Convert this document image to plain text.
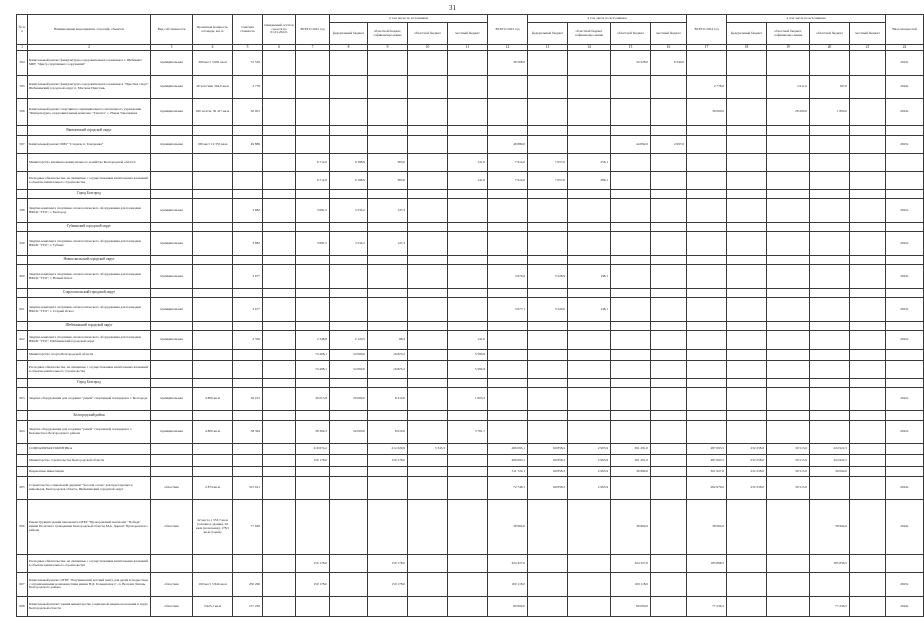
31
№ п/п	Наименование мероприятия, отраслей, объектов	Вид собственности	Проектная мощность, площадь, км, м	Сметная стоимость	Ожидаемый остаток средств на 01.01.2022г.	ВСЕГО 2022 год	в том числе по источникам				ВСЕГО 2023 год	в том числе по источникам				ВСЕГО 2024 год	в том числе по источникам				Ввод мощностей
							федеральный бюджет	областной бюджет, софинансиро-вание	областной бюджет	местный бюджет		федеральный бюджет	областной бюджет софинансиро-вание	областной бюджет	местный бюджет		федеральный бюджет	областной бюджет, софинансиро-вание	областной бюджет	местный бюджет	
1	2	3	4	5	6	7	8	9	10	11	12	13	14	15	16	17	18	19	20	21	22
594	Капитальный ремонт физкультурно-оздоровительного комплекса г. Шебекино МБУ "Центр спортивных сооружений"	муниципальная	300 мест 3 681 кв.м	72 539							38 568,0			30 228,0	8 340,0						2023г.
595	Капитальный ремонт физкультурно-оздоровительного комплекса "Престиж спорт" Шебекинский городской округ п. Маслова Пристань	муниципальная	40 чел/смен 594,0 кв.м	2 778												2 778,0		2 611,0	167,0		2024г.
596	Капитальный ремонт спортивного муниципального автономного учреждения "Физкультурно-оздоровительный комплекс "Таволга" с. Новая Таволжанка	муниципальная	180 чел/см, 30 417 кв.м	30 001												30 000,0		28 200,0	1 800,0		2024г.
	Яковлевский городской округ																				
597	Капитальный ремонт МБУ "Стадион п. Томаровка"	муниципальная	180 мест 12 355 кв.м	49 889							49 889,0			44 892,0	4 997,0						2023г.
	Министерство жилищно-коммунального хозяйства Белгородской области					9 712,0	9 388,9	383,0		141,0	7 914,0	7 657,0	256,1								
	Расходные обязательства, не связанные с осуществлением капитальных вложений в объекты капитального строительства					9 712,0	9 188,9	383,0		141,0	7 914,0	7 657,0	286,1								
	Город Белгород																				
598	Закупка комплекта спортивно-технологического оборудования для площадки ВФСК "ГТО", г. Белгород	муниципальная		3 682		3 681,5	3 534,2	147,3													2022г.
	Губкинский городской округ																				
599	Закупка комплекта спортивно-технологического оборудования для площадки ВФСК "ГТО", г. Губкин	муниципальная		3 682		3 681,5	3 534,2	147,3													2022г.
	Новооскольский городской округ																				
600	Закупка комплекта спортивно-технологического оборудования для площадки ВФСК "ГТО", г. Новый Оскол	муниципальная		3 677							3 676,9	3 528,9	148,1								2023г.
	Старооскольский городской округ																				
601	Закупка комплекта спортивно-технологического оборудования для площадки ВФСК "ГТО", г. Старый Оскол	муниципальная		3 677							3 677,1	3 529,0	148,1								2023г.
	Шебекинский городской округ																				
602	Закупка комплекта спортивно-технологического оборудования для площадки ВФСК "ГТО", Шебекинский городской округ	муниципальная		2 350		2 348,8	2 120,5	88,4		141,0											2022г.
	Министерство спорта Белгородской области					74 408,1	52 000,0	16 823,2		5 584,9											
	Расходные обязательства, не связанные с осуществлением капитальных вложений в объекты капитального строительства					74 408,1	52 000,0	16 823,2		5 584,9											
	Город Белгород																				
603	Закупка оборудования для создания "умной" спортивной площадки в г. Белгороде	муниципальная	4 800 кв.м	36 013		36 013,8	26 000,0	8 210,6		1 803,2											2022г.
	Белгородский район																				
604	Закупка оборудования для создания "умной" спортивной площадки в с. Беломестное Белгородского района	муниципальная	4 800 кв.м	38 394		38 394,3	26 000,0	8 610,6		3 781,7											2022г.
	СОЦИАЛЬНАЯ ПОЛИТИКА					219 674,2		214 329,9	5 345,3		496 093,1	69 858,2	2 903,9	361 291,0		487 693,5	232 258,0	30 513,0	224 922,5		
	Министерство строительства Белгородской области					150 178,0		150 178,0			496 093,1	69 858,2	2 903,9	361 291,0		487 693,5	232 258,0	30 513,0	224 922,5		
	Бюджетные инвестиции										311 722,1	69 858,2	2 903,9	36 984,0		301 927,0	232 258,0	30 513,0	39 064,0		
605	Строительство социальной деревни "Золотая осень" для престарелых и инвалидов, Белгородская область, Шебекинский городской округ	областная	2 874 кв.м	315 611							72 748,1	69 858,2	2 903,9			282 979,0	232 258,0	30 513,0			2024г.
606	Реконструкция здания пансионата ОГБУ "Прохоровский пансионат "Победа" имени Почетного гражданина Белгородской области М.А. Дарюи" Прохоровского района	областная	42 места 1 553,7 кв.м (основное здание), 92 кв.м (котельная), 178,5 кв.м (гараж)	77 928							38 964,0			38 964,0		38 964,0			38 964,0		2024г.
	Расходные обязательства, не связанные с осуществлением капитальных вложений в объекты капитального строительства					150 178,0		150 178,0			324 327,0			324 327,0		185 898,5			185 836,5		
607	Капитальный ремонт ОГБУ "Разумненский детский центр для детей и подростков с ограниченными возможностями имени В.Д. Гольцинского", п. Веселая Лопань Белгородского района	областная	100 мест 5 844 кв.м	250 296		150 178,0		150 178,0			100 118,0			100 118,0							2023г.
608	Капитальный ремонт здания министерства социальной защиты населения и труда Белгородской области	областная	3 923,1 кв.м	157 239							80 000,0			80 000,0		77 236,5			77 236,5		2024г.
